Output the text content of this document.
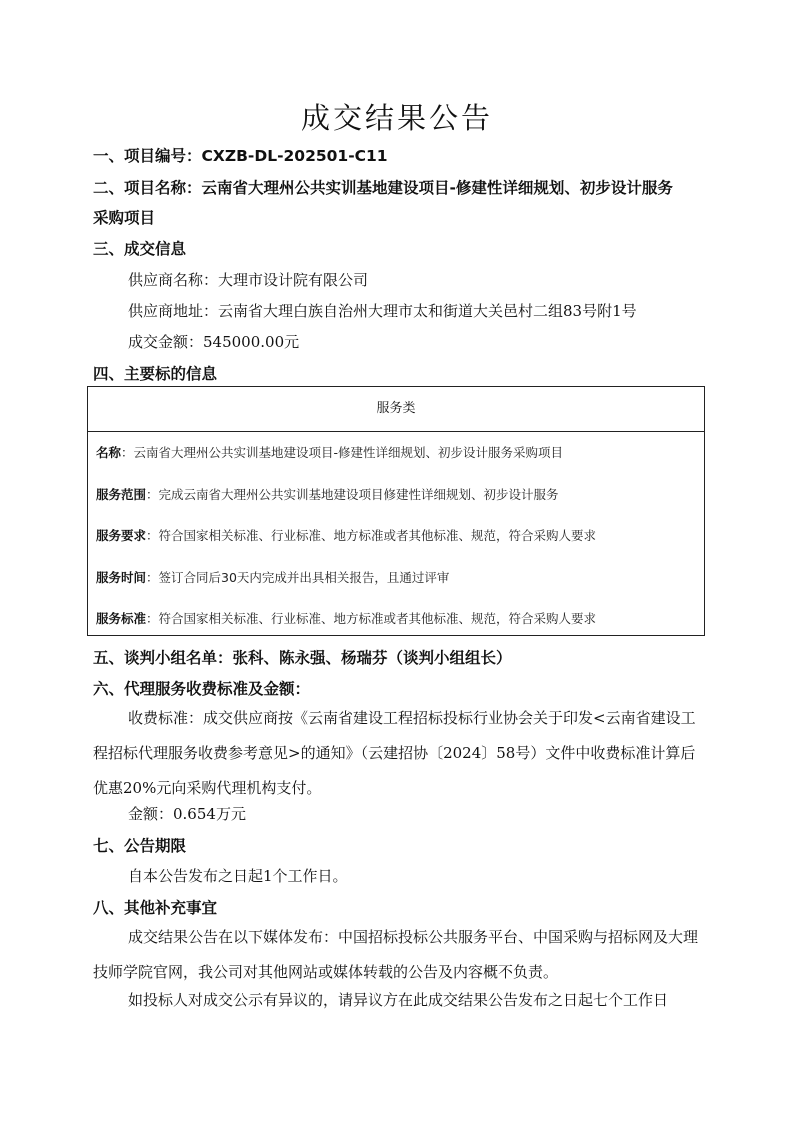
成交结果公告
一、项目编号：CXZB-DL-202501-C11
二、项目名称：云南省大理州公共实训基地建设项目-修建性详细规划、初步设计服务
采购项目
三、成交信息
供应商名称：大理市设计院有限公司
供应商地址：云南省大理白族自治州大理市太和街道大关邑村二组83号附1号
成交金额：545000.00元
四、主要标的信息
服务类
名称：云南省大理州公共实训基地建设项目-修建性详细规划、初步设计服务采购项目
服务范围：完成云南省大理州公共实训基地建设项目修建性详细规划、初步设计服务
服务要求：符合国家相关标准、行业标准、地方标准或者其他标准、规范，符合采购人要求
服务时间：签订合同后30天内完成并出具相关报告，且通过评审
服务标准：符合国家相关标准、行业标准、地方标准或者其他标准、规范，符合采购人要求
五、谈判小组名单：张科、陈永强、杨瑞芬（谈判小组组长）
六、代理服务收费标准及金额：
收费标准：成交供应商按《云南省建设工程招标投标行业协会关于印发<云南省建设工程招标代理服务收费参考意见>的通知》（云建招协〔2024〕58号）文件中收费标准计算后优惠20%元向采购代理机构支付。
金额：0.654万元
七、公告期限
自本公告发布之日起1个工作日。
八、其他补充事宜
成交结果公告在以下媒体发布：中国招标投标公共服务平台、中国采购与招标网及大理技师学院官网，我公司对其他网站或媒体转载的公告及内容概不负责。
如投标人对成交公示有异议的，请异议方在此成交结果公告发布之日起七个工作日
